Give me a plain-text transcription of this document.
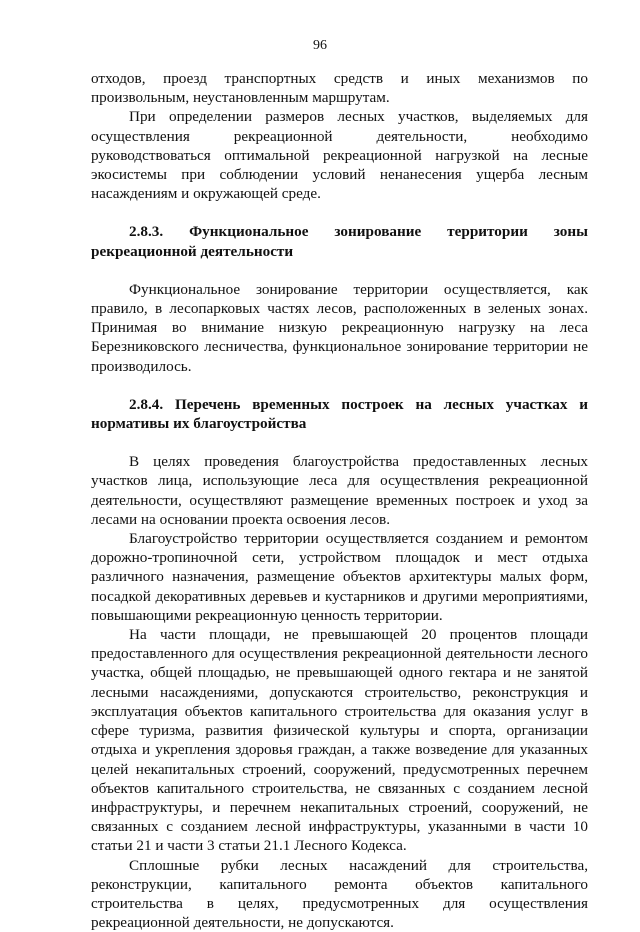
96

отходов, проезд транспортных средств и иных механизмов по произвольным, неустановленным маршрутам.

При определении размеров лесных участков, выделяемых для осуществления рекреационной деятельности, необходимо руководствоваться оптимальной рекреационной нагрузкой на лесные экосистемы при соблюдении условий ненанесения ущерба лесным насаждениям и окружающей среде.

2.8.3. Функциональное зонирование территории зоны рекреационной деятельности

Функциональное зонирование территории осуществляется, как правило, в лесопарковых частях лесов, расположенных в зеленых зонах. Принимая во внимание низкую рекреационную нагрузку на леса Березниковского лесничества, функциональное зонирование территории не производилось.

2.8.4. Перечень временных построек на лесных участках и нормативы их благоустройства

В целях проведения благоустройства предоставленных лесных участков лица, использующие леса для осуществления рекреационной деятельности, осуществляют размещение временных построек и уход за лесами на основании проекта освоения лесов.

Благоустройство территории осуществляется созданием и ремонтом дорожно-тропиночной сети, устройством площадок и мест отдыха различного назначения, размещение объектов архитектуры малых форм, посадкой декоративных деревьев и кустарников и другими мероприятиями, повышающими рекреационную ценность территории.

На части площади, не превышающей 20 процентов площади предоставленного для осуществления рекреационной деятельности лесного участка, общей площадью, не превышающей одного гектара и не занятой лесными насаждениями, допускаются строительство, реконструкция и эксплуатация объектов капитального строительства для оказания услуг в сфере туризма, развития физической культуры и спорта, организации отдыха и укрепления здоровья граждан, а также возведение для указанных целей некапитальных строений, сооружений, предусмотренных перечнем объектов капитального строительства, не связанных с созданием лесной инфраструктуры, и перечнем некапитальных строений, сооружений, не связанных с созданием лесной инфраструктуры, указанными в части 10 статьи 21 и части 3 статьи 21.1 Лесного Кодекса.

Сплошные рубки лесных насаждений для строительства, реконструкции, капитального ремонта объектов капитального строительства в целях, предусмотренных для осуществления рекреационной деятельности, не допускаются.
